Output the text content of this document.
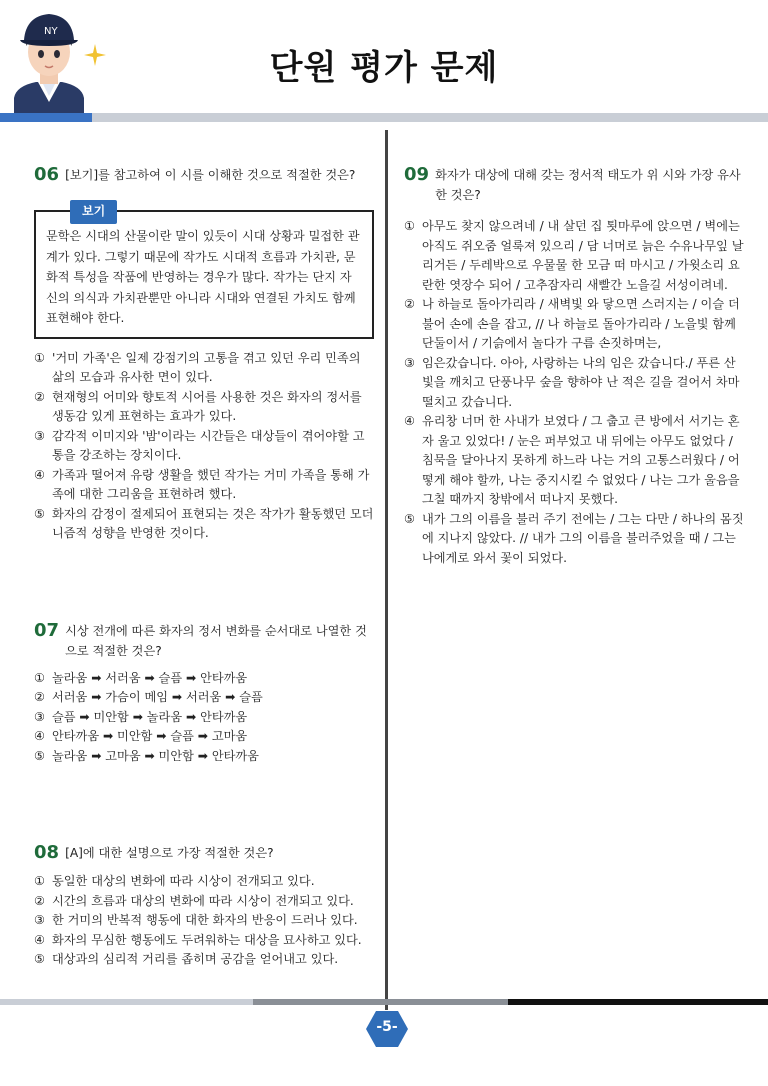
NY
단원 평가 문제
06 [보기]를 참고하여 이 시를 이해한 것으로 적절한 것은?
보기
문학은 시대의 산물이란 말이 있듯이 시대 상황과 밀접한 관계가 있다. 그렇기 때문에 작가도 시대적 흐름과 가치관, 문화적 특성을 작품에 반영하는 경우가 많다. 작가는 단지 자신의 의식과 가치관뿐만 아니라 시대와 연결된 가치도 함께 표현해야 한다.
① '거미 가족'은 일제 강점기의 고통을 겪고 있던 우리 민족의 삶의 모습과 유사한 면이 있다.
② 현재형의 어미와 향토적 시어를 사용한 것은 화자의 정서를 생동감 있게 표현하는 효과가 있다.
③ 감각적 이미지와 '밤'이라는 시간들은 대상들이 겪어야할 고통을 강조하는 장치이다.
④ 가족과 떨어져 유랑 생활을 했던 작가는 거미 가족을 통해 가족에 대한 그리움을 표현하려 했다.
⑤ 화자의 감정이 절제되어 표현되는 것은 작가가 활동했던 모더니즘적 성향을 반영한 것이다.
07 시상 전개에 따른 화자의 정서 변화를 순서대로 나열한 것으로 적절한 것은?
① 놀라움 ➡ 서러움 ➡ 슬픔 ➡ 안타까움
② 서러움 ➡ 가슴이 메임 ➡ 서러움 ➡ 슬픔
③ 슬픔 ➡ 미안함 ➡ 놀라움 ➡ 안타까움
④ 안타까움 ➡ 미안함 ➡ 슬픔 ➡ 고마움
⑤ 놀라움 ➡ 고마움 ➡ 미안함 ➡ 안타까움
08 [A]에 대한 설명으로 가장 적절한 것은?
① 동일한 대상의 변화에 따라 시상이 전개되고 있다.
② 시간의 흐름과 대상의 변화에 따라 시상이 전개되고 있다.
③ 한 거미의 반복적 행동에 대한 화자의 반응이 드러나 있다.
④ 화자의 무심한 행동에도 두려워하는 대상을 묘사하고 있다.
⑤ 대상과의 심리적 거리를 좁히며 공감을 얻어내고 있다.
09 화자가 대상에 대해 갖는 정서적 태도가 위 시와 가장 유사한 것은?
① 아무도 찾지 않으려네 / 내 살던 집 툇마루에 앉으면 / 벽에는 아직도 쥐오줌 얼룩져 있으리 / 담 너머로 늙은 수유나무잎 날리거든 / 두레박으로 우물물 한 모금 떠 마시고 / 가윗소리 요란한 엿장수 되어 / 고추잠자리 새빨간 노을길 서성이려네.
② 나 하늘로 돌아가리라 / 새벽빛 와 닿으면 스러지는 / 이슬 더불어 손에 손을 잡고, // 나 하늘로 돌아가리라 / 노을빛 함께 단둘이서 / 기슭에서 놀다가 구름 손짓하며는,
③ 임은갔습니다. 아아, 사랑하는 나의 임은 갔습니다./ 푸른 산빛을 깨치고 단풍나무 숲을 향하야 난 적은 길을 걸어서 차마 떨치고 갔습니다.
④ 유리창 너머 한 사내가 보였다 / 그 춥고 큰 방에서 서기는 혼자 울고 있었다! / 눈은 퍼부었고 내 뒤에는 아무도 없었다 / 침묵을 달아나지 못하게 하느라 나는 거의 고통스러웠다 / 어떻게 해야 할까, 나는 중지시킬 수 없었다 / 나는 그가 울음을 그칠 때까지 창밖에서 떠나지 못했다.
⑤ 내가 그의 이름을 불러 주기 전에는 / 그는 다만 / 하나의 몸짓에 지나지 않았다. // 내가 그의 이름을 불러주었을 때 / 그는 나에게로 와서 꽃이 되었다.
-5-
